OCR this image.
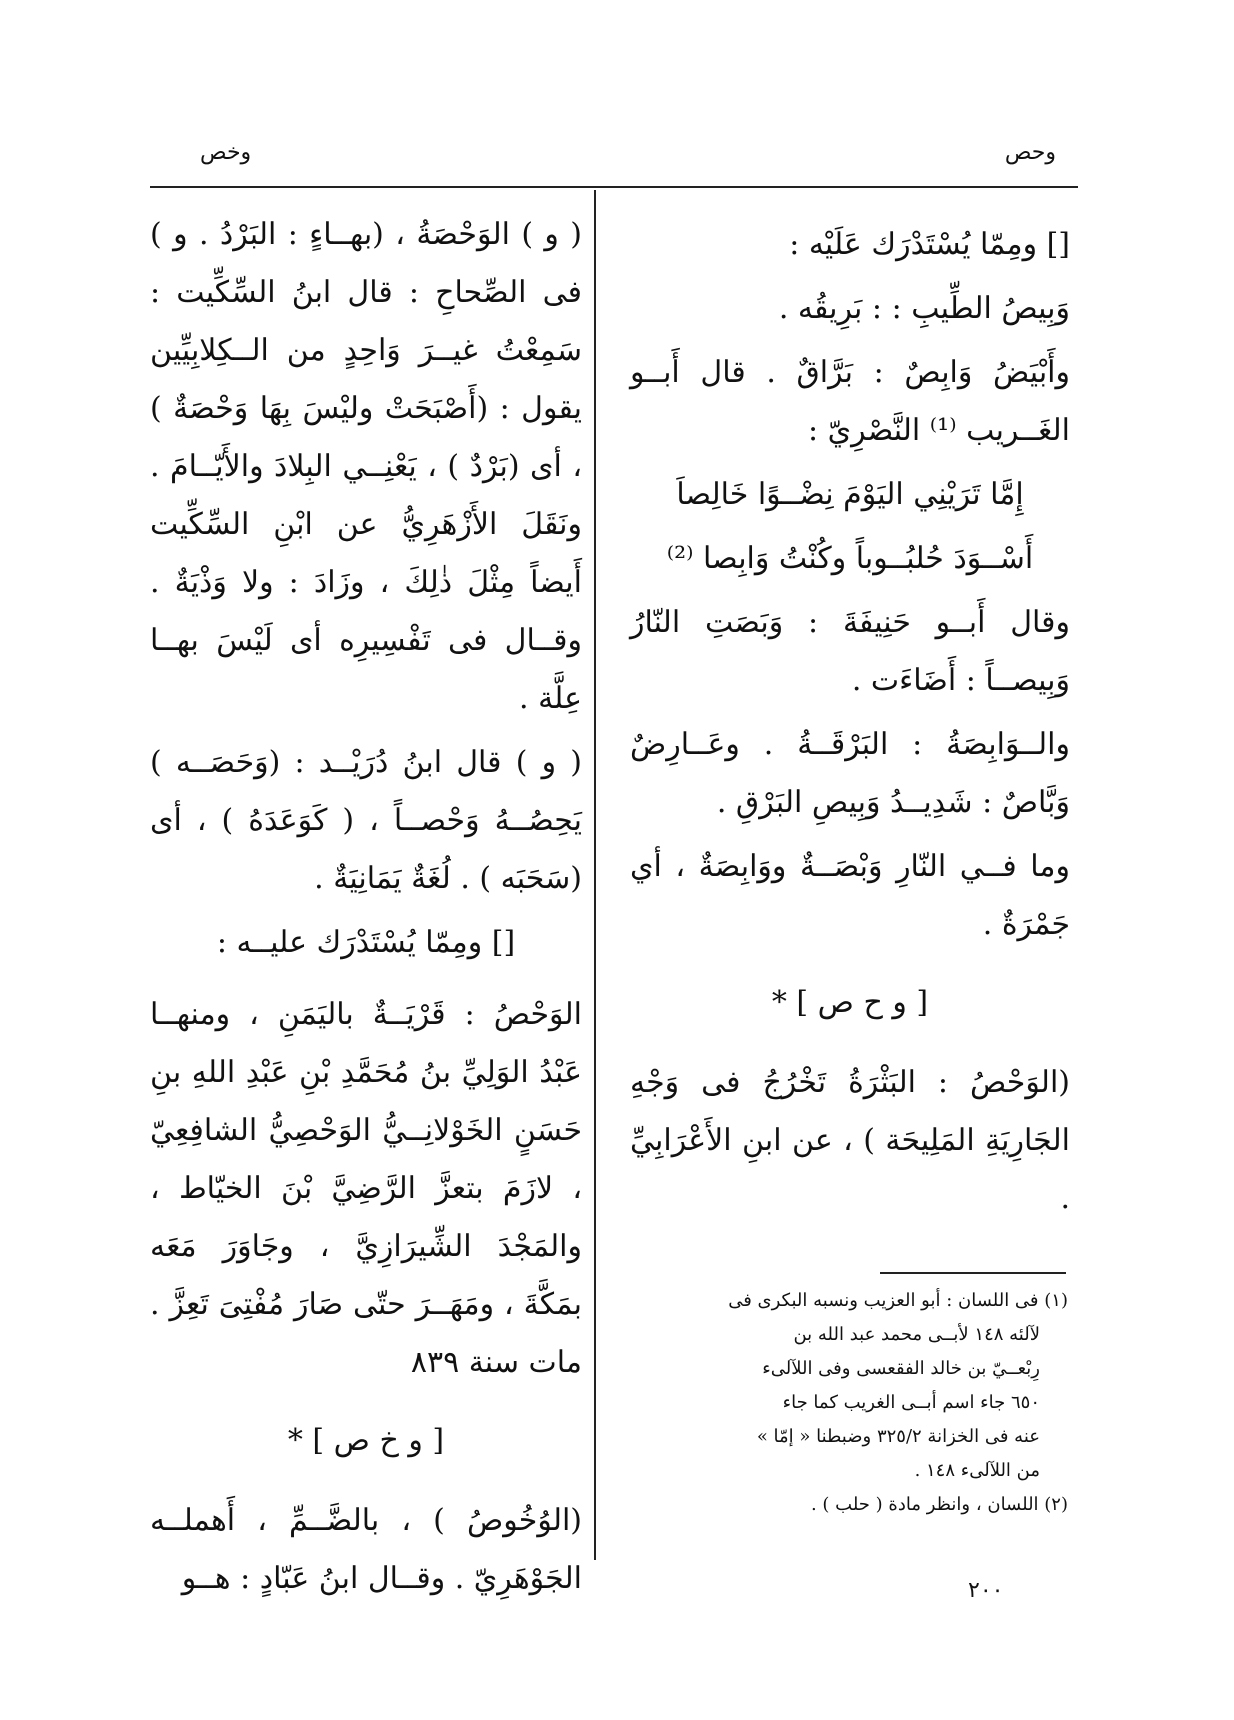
وحص
وخص

[] ومِمّا يُسْتَدْرَك عَلَيْه :

وَبِيصُ الطِّيبِ : : بَرِيقُه .

وأَبْيَضُ وَابِصٌ : بَرَّاقٌ . قال أَبــو الغَــريب ⁽¹⁾ النَّصْرِيّ :

إِمَّا تَرَيْنِي اليَوْمَ نِضْــوًا خَالِصاَ

أَسْــوَدَ حُلبُــوباً وكُنْتُ وَابِصا ⁽²⁾

وقال أَبــو حَنِيفَةَ : وَبَصَتِ النّارُ وَبِيصــاً : أَضَاءَت .

والــوَابِصَةُ : البَرْقَــةُ . وعَــارِضٌ وَبَّاصٌ : شَدِيــدُ وَبِيصِ البَرْقِ .

وما فــي النّارِ وَبْصَــةٌ ووَابِصَةٌ ، أي جَمْرَةٌ .

[ و ح ص ] *

(الوَحْصُ : البَثْرَةُ تَخْرُجُ فى وَجْهِ الجَارِيَةِ المَلِيحَة ) ، عن ابنِ الأَعْرَابِيِّ .

(١) فى اللسان : أبو العزيب ونسبه البكرى فى

لآلئه ١٤٨ لأبــى محمد عبد الله بن

رِبْعــيّ بن خالد الفقعسى وفى اللآلىء

٦٥٠ جاء اسم أبــى الغريب كما جاء

عنه فى الخزانة ٣٢٥/٢ وضبطنا « إمّا »

من اللآلىء ١٤٨ .

(٢) اللسان ، وانظر مادة ( حلب ) .

( و ) الوَحْصَةُ ، (بهــاءٍ : البَرْدُ . و ) فى الصِّحاحِ : قال ابنُ السِّكِّيت : سَمِعْتُ غيــرَ وَاحِدٍ من الــكِلابِيِّين يقول : (أَصْبَحَتْ وليْسَ بِهَا وَحْصَةٌ ) ، أى (بَرْدٌ ) ، يَعْنِــي البِلادَ والأَيّــامَ . ونَقَلَ الأَزْهَرِيُّ عن ابْنِ السِّكِّيت أَيضاً مِثْلَ ذٰلِكَ ، وزَادَ : ولا وَذْيَةٌ . وقــال فى تَفْسِيرِه أى لَيْسَ بهــا عِلَّة .

( و ) قال ابنُ دُرَيْــد : (وَحَصَــه ) يَحِصُــهُ وَحْصــاً ، ( كَوَعَدَهُ ) ، أى (سَحَبَه ) . لُغَةٌ يَمَانِيَةٌ .

[] ومِمّا يُسْتَدْرَك عليــه :

الوَحْصُ : قَرْيَــةٌ باليَمَنِ ، ومنهــا عَبْدُ الوَلِيِّ بنُ مُحَمَّدِ بْنِ عَبْدِ اللهِ بنِ حَسَنٍ الخَوْلانِــيُّ الوَحْصِيُّ الشافِعِيّ ، لازَمَ بتعزَّ الرَّضِيَّ بْنَ الخيّاط ، والمَجْدَ الشِّيرَازِيَّ ، وجَاوَرَ مَعَه بمَكَّةَ ، ومَهَــرَ حتّى صَارَ مُفْتِىَ تَعِزَّ . مات سنة ٨٣٩

[ و خ ص ] *

(الوُخُوصُ ) ، بالضَّــمِّ ، أَهملــه الجَوْهَرِيّ . وقــال ابنُ عَبّادٍ : هــو	٢٠٠
